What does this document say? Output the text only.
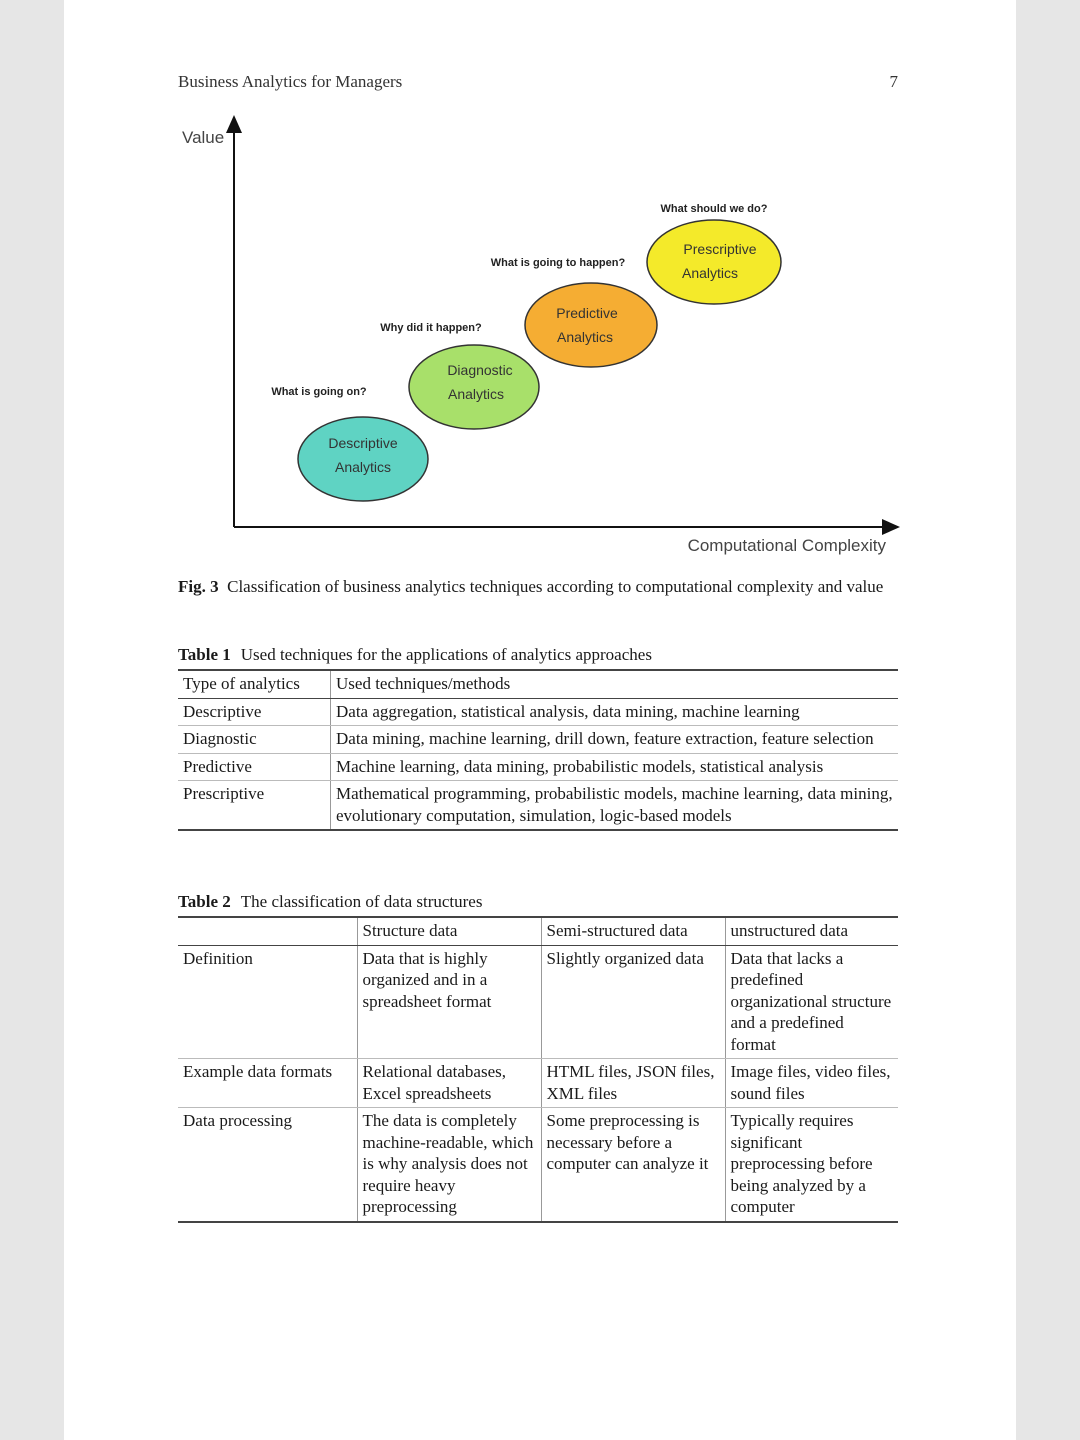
Business Analytics for Managers	7
Value
Computational Complexity
Descriptive
Analytics
What is going on?
Diagnostic
Analytics
Why did it happen?
Predictive
Analytics
What is going to happen?
Prescriptive
Analytics
What should we do?
Fig. 3 Classification of business analytics techniques according to computational complexity and value
Table 1 Used techniques for the applications of analytics approaches
Type of analytics	Used techniques/methods
Descriptive	Data aggregation, statistical analysis, data mining, machine learning
Diagnostic	Data mining, machine learning, drill down, feature extraction, feature selection
Predictive	Machine learning, data mining, probabilistic models, statistical analysis
Prescriptive	Mathematical programming, probabilistic models, machine learning, data mining, evolutionary computation, simulation, logic-based models
Table 2 The classification of data structures
	Structure data	Semi-structured data	unstructured data
Definition	Data that is highly organized and in a spreadsheet format	Slightly organized data	Data that lacks a predefined organizational structure and a predefined format
Example data formats	Relational databases, Excel spreadsheets	HTML files, JSON files, XML files	Image files, video files, sound files
Data processing	The data is completely machine-readable, which is why analysis does not require heavy preprocessing	Some preprocessing is necessary before a computer can analyze it	Typically requires significant preprocessing before being analyzed by a computer
